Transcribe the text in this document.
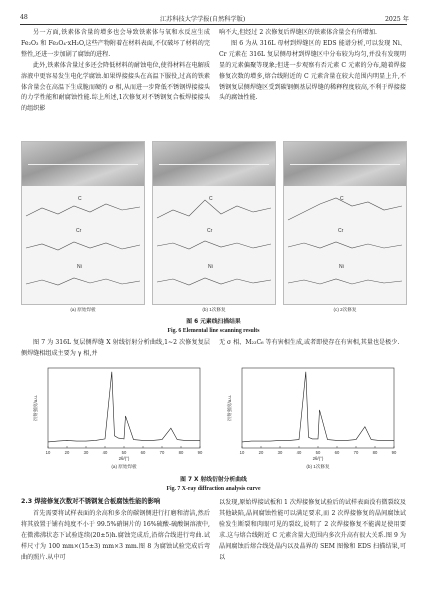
48	江苏科技大学学报(自然科学版)	2025 年

另一方面,铁素体含量的增多也会导致铁素体与氧和水反应生成 Fe₂O₃ 和 Fe₃O₄·xH₂O,这些产物附着在材料表面,不仅破坏了材料的完整性,还进一步加剧了腐蚀的进程.

此外,铁素体含量过多还会降低材料的耐蚀电位,使得材料在电解质溶液中更容易发生电化学腐蚀.如果焊接接头在高温下服役,过高的铁素体含量会在高温下生成脆而硬的 σ 相,从而进一步降低不锈钢焊接接头的力学性能和耐腐蚀性能.综上所述,1次修复对不锈钢复合板焊接接头的组织影

响不大,但经过 2 次修复后焊缝区的铁素体含量会有所增加.

图 6 为从 316L 母材到焊缝区的 EDS 能谱分析,可以发现 Ni、Cr 元素在 316L 复层侧母材到焊缝区中分布较为均匀,并没有发现明显的元素偏聚等现象;但进一步观察有否元素 C 元素的分布,随着焊接修复次数的增多,熔合线附近的 C 元素含量在较大范围内明显上升,不锈钢复层侧焊缝区受到碳钢侧基层焊缝的稀释程度较高,不利于焊接接头的腐蚀性能.

C
Cr
Ni
(a) 原始焊板
C
Cr
Ni
(b) 1次修复
C
Cr
Ni
(c) 2次修复
图 6 元素线扫描结果
Fig. 6 Elemental line scanning results

图 7 为 316L 复层侧焊缝 X 射线衍射分析曲线,1~2 次修复复层侧焊缝相组成主要为 γ 相,并

无 σ 相、M₂₃C₆ 等有害相生成,或者即使存在有害相,其量也是极少.

10	20	30	40	50	60	70	80	90
2θ/(°)
衍射强度/a.u.
(a) 原始焊板
10	20	30	40	50	60	70	80	90
2θ/(°)
衍射强度/a.u.
(b) 1次修复
图 7 X 射线衍射分析曲线
Fig. 7 X-ray diffraction analysis curve
2.3 焊接修复次数对不锈钢复合板腐蚀性能的影响

首先需要将试样表面的余高和多余的碳钢侧进行打磨和清洁,然后将其放置于铺有纯度不小于 99.5%硝铜片的 16%硫酸-硫酸铜溶液中,在微沸沸状态下试验连续(20±5)h.腐蚀完成后,沿熔合线进行弯曲.试样尺寸为 100 mm×(15±3) mm×3 mm.图 8 为腐蚀试验完成后弯曲的照片.从中可

以发现,原始焊接试板和 1 次焊接修复试验后的试样表面没有微裂纹及其他缺陷,晶间腐蚀性能可以满足要求,而 2 次焊接修复的晶间腐蚀试验发生断裂和肉眼可见的裂纹,说明了 2 次焊接修复不能满足使用要求.这与熔合线附近 C 元素含量大范围内多次升高有很大关系.图 9 为晶间腐蚀后熔合线处晶内以及晶界的 SEM 图像和 EDS 扫描结果,可以
